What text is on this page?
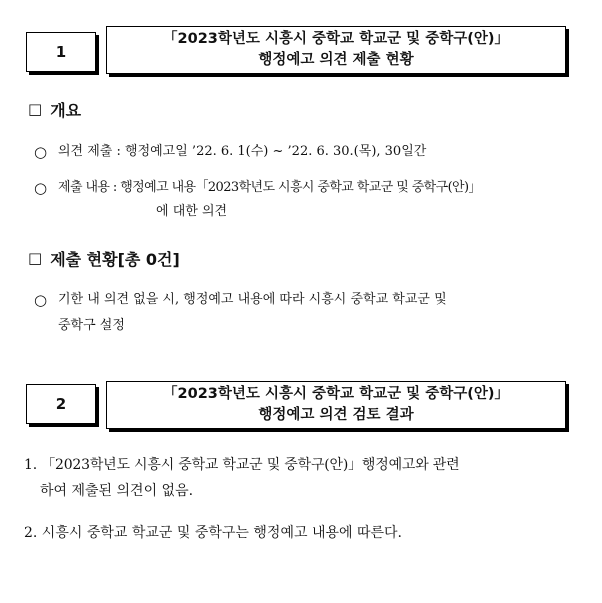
1
「2023학년도 시흥시 중학교 학교군 및 중학구(안)」
행정예고 의견 제출 현황
□ 개요
○ 의견 제출 : 행정예고일 ’22. 6. 1(수) ~ ’22. 6. 30.(목), 30일간
○ 제출 내용 : 행정예고 내용「2023학년도 시흥시 중학교 학교군 및 중학구(안)」
에 대한 의견
□ 제출 현황[총 0건]
○ 기한 내 의견 없을 시, 행정예고 내용에 따라 시흥시 중학교 학교군 및
중학구 설정
2
「2023학년도 시흥시 중학교 학교군 및 중학구(안)」
행정예고 의견 검토 결과
1. 「2023학년도 시흥시 중학교 학교군 및 중학구(안)」행정예고와 관련
하여 제출된 의견이 없음.
2. 시흥시 중학교 학교군 및 중학구는 행정예고 내용에 따른다.
